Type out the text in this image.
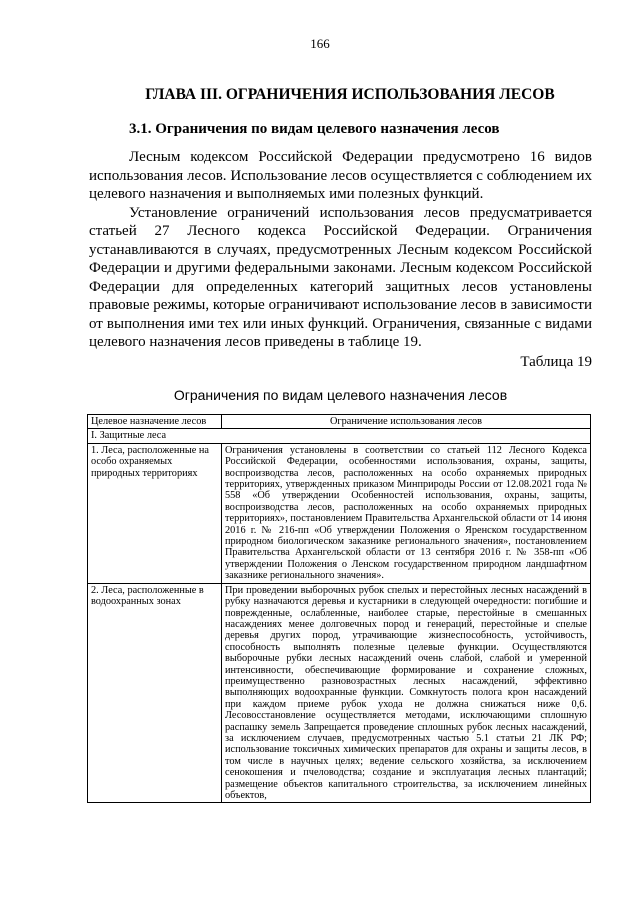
166
ГЛАВА III. ОГРАНИЧЕНИЯ ИСПОЛЬЗОВАНИЯ ЛЕСОВ
3.1. Ограничения по видам целевого назначения лесов

Лесным кодексом Российской Федерации предусмотрено 16 видов использования лесов. Использование лесов осуществляется с соблюдением их целевого назначения и выполняемых ими полезных функций.

Установление ограничений использования лесов предусматривается статьей 27 Лесного кодекса Российской Федерации. Ограничения устанавливаются в случаях, предусмотренных Лесным кодексом Российской Федерации и другими федеральными законами. Лесным кодексом Российской Федерации для определенных категорий защитных лесов установлены правовые режимы, которые ограничивают использование лесов в зависимости от выполнения ими тех или иных функций. Ограничения, связанные с видами целевого назначения лесов приведены в таблице 19.

Таблица 19
Ограничения по видам целевого назначения лесов
Целевое назначение лесов	Ограничение использования лесов
I. Защитные леса	
1. Леса, расположенные на особо охраняемых природных территориях	Ограничения установлены в соответствии со статьей 112 Лесного Кодекса Российской Федерации, особенностями использования, охраны, защиты, воспроизводства лесов, расположенных на особо охраняемых природных территориях, утвержденных приказом Минприроды России от 12.08.2021 года № 558 «Об утверждении Особенностей использования, охраны, защиты, воспроизводства лесов, расположенных на особо охраняемых природных территориях», постановлением Правительства Архангельской области от 14 июня 2016 г. № 216-пп «Об утверждении Положения о Яренском государственном природном биологическом заказнике регионального значения», постановлением Правительства Архангельской области от 13 сентября 2016 г. № 358-пп «Об утверждении Положения о Ленском государственном природном ландшафтном заказнике регионального значения».
2. Леса, расположенные в водоохранных зонах	При проведении выборочных рубок спелых и перестойных лесных насаждений в рубку назначаются деревья и кустарники в следующей очередности: погибшие и поврежденные, ослабленные, наиболее старые, перестойные в смешанных насаждениях менее долговечных пород и генераций, перестойные и спелые деревья других пород, утрачивающие жизнеспособность, устойчивость, способность выполнять полезные целевые функции. Осуществляются выборочные рубки лесных насаждений очень слабой, слабой и умеренной интенсивности, обеспечивающие формирование и сохранение сложных, преимущественно разновозрастных лесных насаждений, эффективно выполняющих водоохранные функции. Сомкнутость полога крон насаждений при каждом приеме рубок ухода не должна снижаться ниже 0,6. Лесовосстановление осуществляется методами, исключающими сплошную распашку земель Запрещается проведение сплошных рубок лесных насаждений, за исключением случаев, предусмотренных частью 5.1 статьи 21 ЛК РФ; использование токсичных химических препаратов для охраны и защиты лесов, в том числе в научных целях; ведение сельского хозяйства, за исключением сенокошения и пчеловодства; создание и эксплуатация лесных плантаций; размещение объектов капитального строительства, за исключением линейных объектов,
